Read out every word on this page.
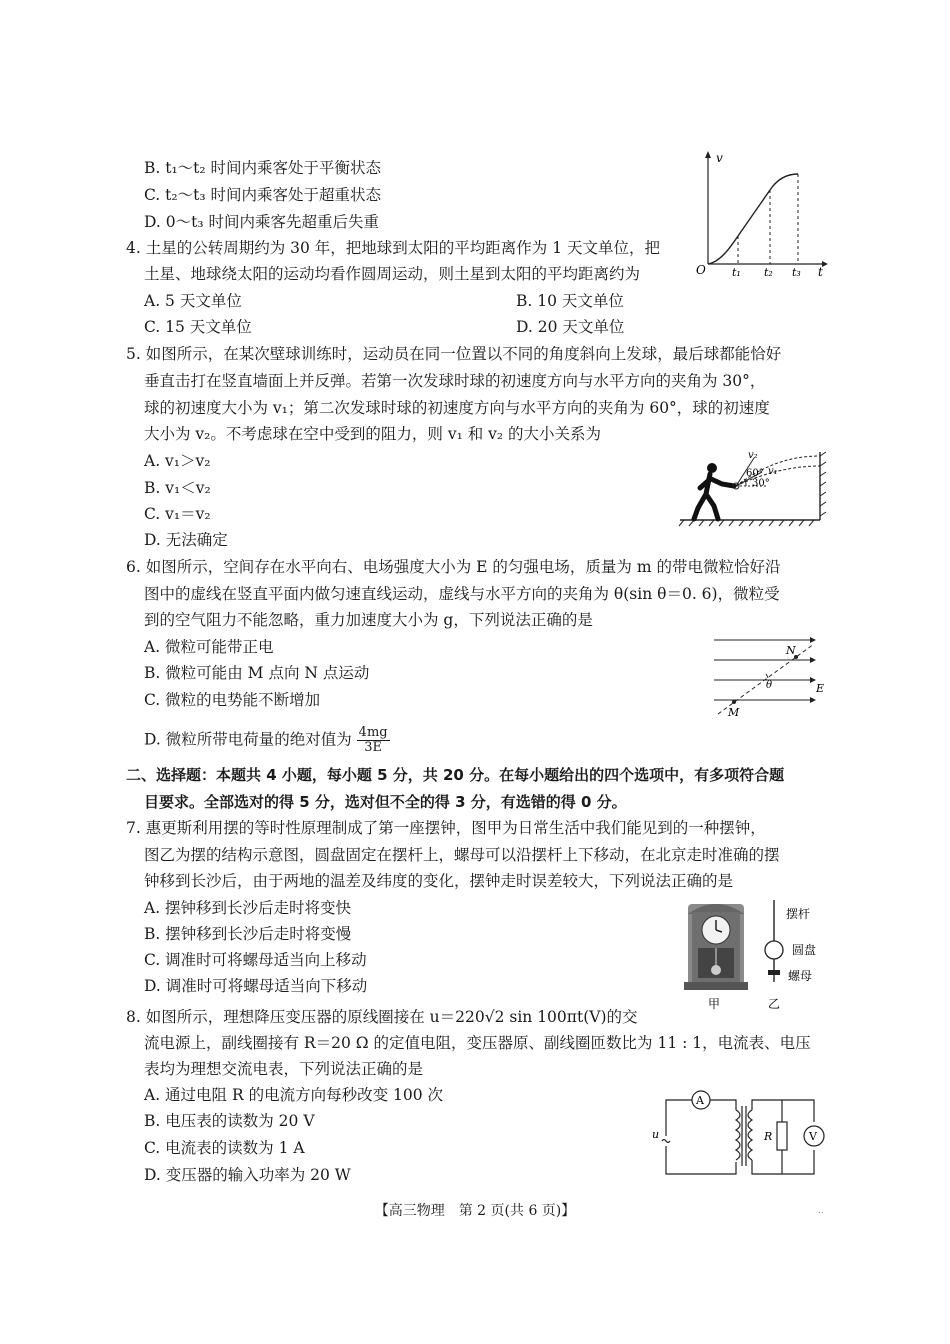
B. t₁～t₂ 时间内乘客处于平衡状态
C. t₂～t₃ 时间内乘客处于超重状态
D. 0～t₃ 时间内乘客先超重后失重
v
t
O t₁ t₂ t₃
4. 土星的公转周期约为 30 年，把地球到太阳的平均距离作为 1 天文单位，把
土星、地球绕太阳的运动均看作圆周运动，则土星到太阳的平均距离约为
A. 5 天文单位	B. 10 天文单位
C. 15 天文单位	D. 20 天文单位
5. 如图所示，在某次壁球训练时，运动员在同一位置以不同的角度斜向上发球，最后球都能恰好
垂直击打在竖直墙面上并反弹。若第一次发球时球的初速度方向与水平方向的夹角为 30°，
球的初速度大小为 v₁；第二次发球时球的初速度方向与水平方向的夹角为 60°，球的初速度
大小为 v₂。不考虑球在空中受到的阻力，则 v₁ 和 v₂ 的大小关系为
A. v₁＞v₂
B. v₁＜v₂
C. v₁＝v₂
D. 无法确定
v₂
v₁
60°
30°
6. 如图所示，空间存在水平向右、电场强度大小为 E 的匀强电场，质量为 m 的带电微粒恰好沿
图中的虚线在竖直平面内做匀速直线运动，虚线与水平方向的夹角为 θ(sin θ＝0. 6)，微粒受
到的空气阻力不能忽略，重力加速度大小为 g，下列说法正确的是
A. 微粒可能带正电
B. 微粒可能由 M 点向 N 点运动
C. 微粒的电势能不断增加
D. 微粒所带电荷量的绝对值为 $\frac{4mg}{3E}$
N
M
E
θ
二、选择题：本题共 4 小题，每小题 5 分，共 20 分。在每小题给出的四个选项中，有多项符合题
目要求。全部选对的得 5 分，选对但不全的得 3 分，有选错的得 0 分。
7. 惠更斯利用摆的等时性原理制成了第一座摆钟，图甲为日常生活中我们能见到的一种摆钟，
图乙为摆的结构示意图，圆盘固定在摆杆上，螺母可以沿摆杆上下移动，在北京走时准确的摆
钟移到长沙后，由于两地的温差及纬度的变化，摆钟走时误差较大，下列说法正确的是
A. 摆钟移到长沙后走时将变快
B. 摆钟移到长沙后走时将变慢
C. 调准时可将螺母适当向上移动
D. 调准时可将螺母适当向下移动
摆杆
圆盘
螺母
甲	乙
8. 如图所示，理想降压变压器的原线圈接在 u＝220√2 sin 100πt(V)的交
流电源上，副线圈接有 R＝20 Ω 的定值电阻，变压器原、副线圈匝数比为 11 : 1，电流表、电压
表均为理想交流电表，下列说法正确的是
A. 通过电阻 R 的电流方向每秒改变 100 次
B. 电压表的读数为 20 V
C. 电流表的读数为 1 A
D. 变压器的输入功率为 20 W
A
V
R
u
【高三物理　第 2 页(共 6 页)】	..
